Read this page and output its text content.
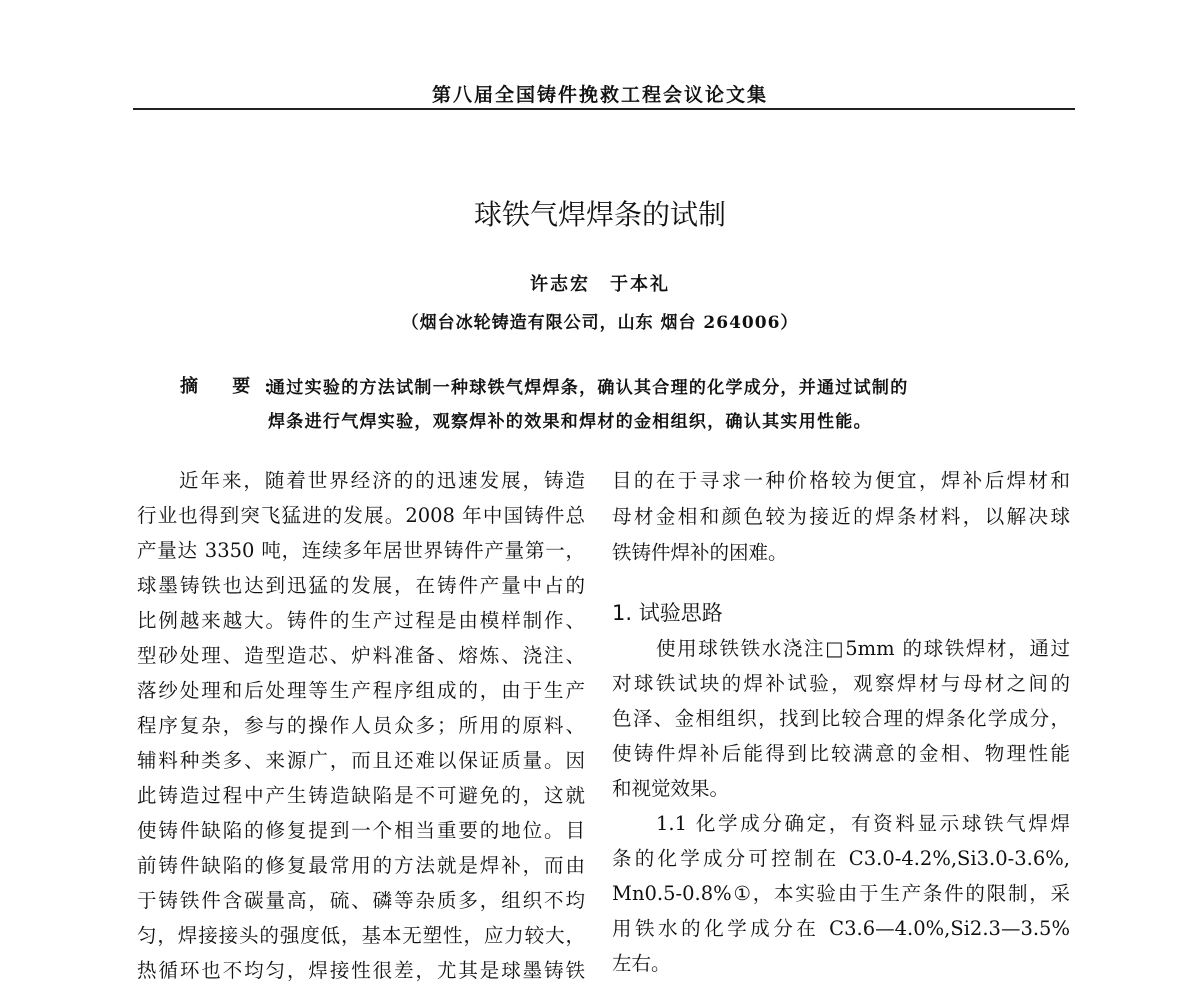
第八届全国铸件挽救工程会议论文集
球铁气焊焊条的试制
许志宏　于本礼
（烟台冰轮铸造有限公司，山东 烟台 264006）
摘 要:
1. 试验思路
通过实验的方法试制一种球铁气焊焊条，确认其合理的化学成分，并通过试制的
焊条进行气焊实验，观察焊补的效果和焊材的金相组织，确认其实用性能。
近年来，随着世界经济的的迅速发展，铸造
行业也得到突飞猛进的发展。2008 年中国铸件总
产量达 3350 吨，连续多年居世界铸件产量第一，
球墨铸铁也达到迅猛的发展，在铸件产量中占的
比例越来越大。铸件的生产过程是由模样制作、
型砂处理、造型造芯、炉料准备、熔炼、浇注、
落纱处理和后处理等生产程序组成的，由于生产
程序复杂，参与的操作人员众多；所用的原料、
辅料种类多、来源广，而且还难以保证质量。因
此铸造过程中产生铸造缺陷是不可避免的，这就
使铸件缺陷的修复提到一个相当重要的地位。目
前铸件缺陷的修复最常用的方法就是焊补，而由
于铸铁件含碳量高，硫、磷等杂质多，组织不均
匀，焊接接头的强度低，基本无塑性，应力较大，
热循环也不均匀，焊接性很差，尤其是球墨铸铁
目的在于寻求一种价格较为便宜，焊补后焊材和
母材金相和颜色较为接近的焊条材料，以解决球
铁铸件焊补的困难。
使用球铁铁水浇注□5mm 的球铁焊材，通过
对球铁试块的焊补试验，观察焊材与母材之间的
色泽、金相组织，找到比较合理的焊条化学成分，
使铸件焊补后能得到比较满意的金相、物理性能
和视觉效果。
1.1 化学成分确定，有资料显示球铁气焊焊
条的化学成分可控制在 C3.0-4.2%,Si3.0-3.6%,
Mn0.5-0.8%①，本实验由于生产条件的限制，采
用铁水的化学成分在 C3.6—4.0%,Si2.3—3.5%
左右。
